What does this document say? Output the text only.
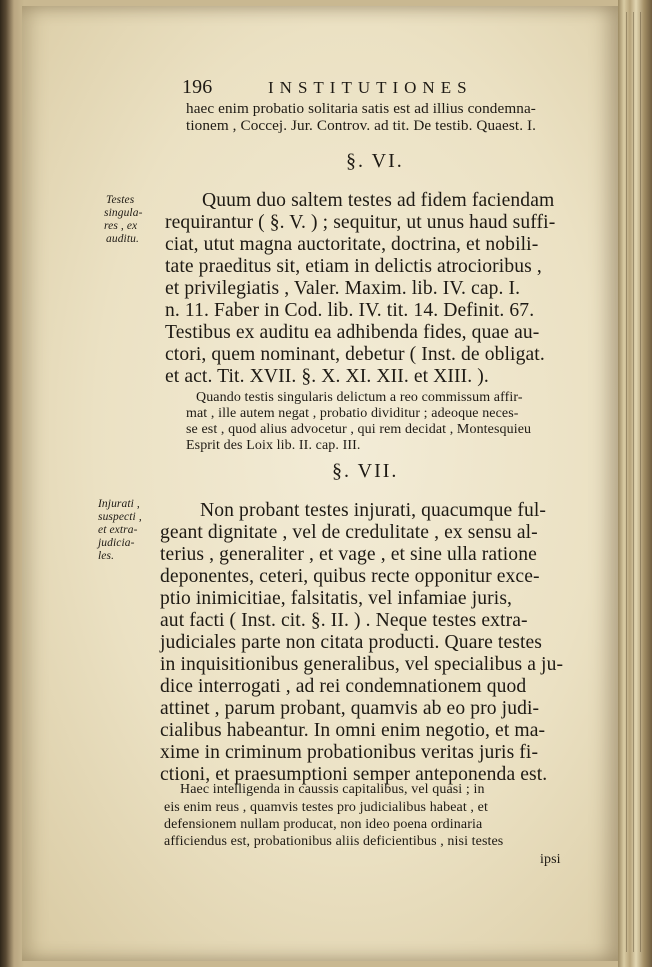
196	INSTITUTIONES
haec enim probatio solitaria satis est ad illius condemna-
tionem , Coccej. Jur. Controv. ad tit. De testib. Quaest. I.
§. VI.
Testes
singula-
res , ex
auditu.
Quum duo saltem testes ad fidem faciendam
requirantur ( §. V. ) ; sequitur, ut unus haud suffi-
ciat, utut magna auctoritate, doctrina, et nobili-
tate praeditus sit, etiam in delictis atrocioribus ,
et privilegiatis , Valer. Maxim. lib. IV. cap. I.
n. 11. Faber in Cod. lib. IV. tit. 14. Definit. 67.
Testibus ex auditu ea adhibenda fides, quae au-
ctori, quem nominant, debetur ( Inst. de obligat.
et act. Tit. XVII. §. X. XI. XII. et XIII. ).
Quando testis singularis delictum a reo commissum affir-
mat , ille autem negat , probatio dividitur ; adeoque neces-
se est , quod alius advocetur , qui rem decidat , Montesquieu
Esprit des Loix lib. II. cap. III.
§. VII.
Injurati ,
suspecti ,
et extra-
judicia-
les.
Non probant testes injurati, quacumque ful-
geant dignitate , vel de credulitate , ex sensu al-
terius , generaliter , et vage , et sine ulla ratione
deponentes, ceteri, quibus recte opponitur exce-
ptio inimicitiae, falsitatis, vel infamiae juris,
aut facti ( Inst. cit. §. II. ) . Neque testes extra-
judiciales parte non citata producti. Quare testes
in inquisitionibus generalibus, vel specialibus a ju-
dice interrogati , ad rei condemnationem quod
attinet , parum probant, quamvis ab eo pro judi-
cialibus habeantur. In omni enim negotio, et ma-
xime in criminum probationibus veritas juris fi-
ctioni, et praesumptioni semper anteponenda est.
Haec intelligenda in caussis capitalibus, vel quasi ; in
eis enim reus , quamvis testes pro judicialibus habeat , et
defensionem nullam producat, non ideo poena ordinaria
afficiendus est, probationibus aliis deficientibus , nisi testes
ipsi
